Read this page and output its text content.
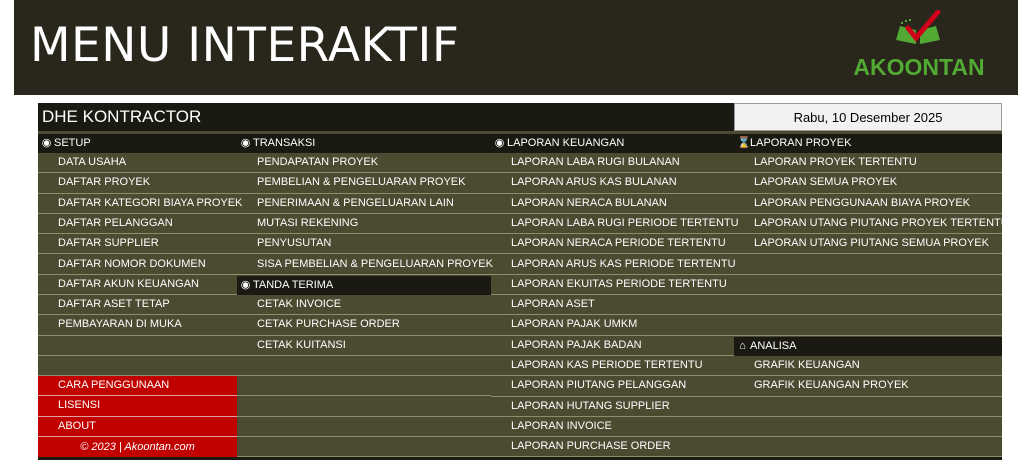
MENU INTERAKTIF	AKOONTAN
DHE KONTRACTOR	Rabu, 10 Desember 2025
◉ SETUP	◉ TRANSAKSI	◉ LAPORAN KEUANGAN	⌛LAPORAN PROYEK
◉ TANDA TERIMA
⌂ ANALISA
DATA USAHA
DAFTAR PROYEK
DAFTAR KATEGORI BIAYA PROYEK
DAFTAR PELANGGAN
DAFTAR SUPPLIER
DAFTAR NOMOR DOKUMEN
DAFTAR AKUN KEUANGAN
DAFTAR ASET TETAP
PEMBAYARAN DI MUKA
CARA PENGGUNAAN
LISENSI
ABOUT
© 2023 | Akoontan.com
PENDAPATAN PROYEK
PEMBELIAN & PENGELUARAN PROYEK
PENERIMAAN & PENGELUARAN LAIN
MUTASI REKENING
PENYUSUTAN
SISA PEMBELIAN & PENGELUARAN PROYEK
CETAK INVOICE
CETAK PURCHASE ORDER
CETAK KUITANSI
LAPORAN LABA RUGI BULANAN
LAPORAN ARUS KAS BULANAN
LAPORAN NERACA BULANAN
LAPORAN LABA RUGI PERIODE TERTENTU
LAPORAN NERACA PERIODE TERTENTU
LAPORAN ARUS KAS PERIODE TERTENTU
LAPORAN EKUITAS PERIODE TERTENTU
LAPORAN ASET
LAPORAN PAJAK UMKM
LAPORAN PAJAK BADAN
LAPORAN KAS PERIODE TERTENTU
LAPORAN PIUTANG PELANGGAN
LAPORAN HUTANG SUPPLIER
LAPORAN INVOICE
LAPORAN PURCHASE ORDER
LAPORAN PROYEK TERTENTU
LAPORAN SEMUA PROYEK
LAPORAN PENGGUNAAN BIAYA PROYEK
LAPORAN UTANG PIUTANG PROYEK TERTENTU
LAPORAN UTANG PIUTANG SEMUA PROYEK
GRAFIK KEUANGAN
GRAFIK KEUANGAN PROYEK
